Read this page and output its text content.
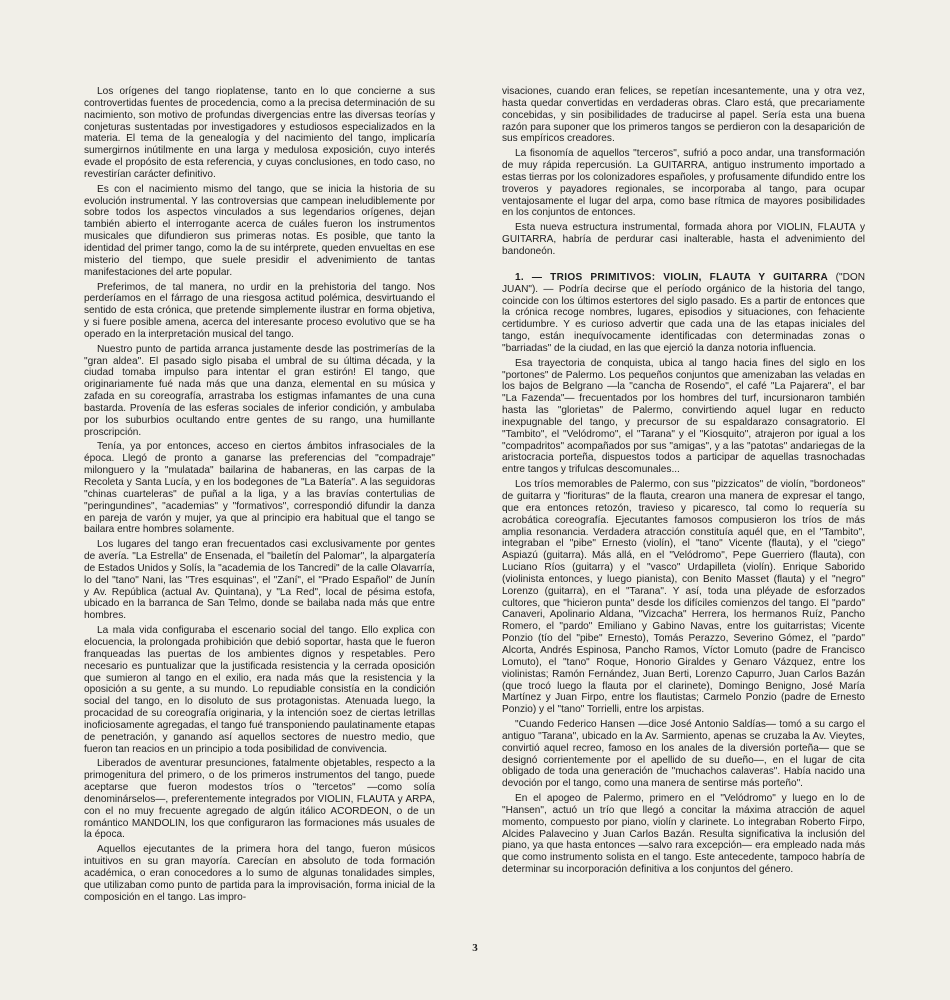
Los orígenes del tango rioplatense, tanto en lo que concierne a sus controvertidas fuentes de procedencia, como a la precisa determinación de su nacimiento, son motivo de profundas divergencias entre las diversas teorías y conjeturas sustentadas por investigadores y estudiosos especializados en la materia. El tema de la genealogía y del nacimiento del tango, implicaría sumergirnos inútilmente en una larga y medulosa exposición, cuyo interés evade el propósito de esta referencia, y cuyas conclusiones, en todo caso, no revestirían carácter definitivo.

Es con el nacimiento mismo del tango, que se inicia la historia de su evolución instrumental. Y las controversias que campean ineludiblemente por sobre todos los aspectos vinculados a sus legendarios orígenes, dejan también abierto el interrogante acerca de cuáles fueron los instrumentos musicales que difundieron sus primeras notas. Es posible, que tanto la identidad del primer tango, como la de su intérprete, queden envueltas en ese misterio del tiempo, que suele presidir el advenimiento de tantas manifestaciones del arte popular.

Preferimos, de tal manera, no urdir en la prehistoria del tango. Nos perderíamos en el fárrago de una riesgosa actitud polémica, desvirtuando el sentido de esta crónica, que pretende simplemente ilustrar en forma objetiva, y si fuere posible amena, acerca del interesante proceso evolutivo que se ha operado en la interpretación musical del tango.

Nuestro punto de partida arranca justamente desde las postrimerías de la "gran aldea". El pasado siglo pisaba el umbral de su última década, y la ciudad tomaba impulso para intentar el gran estirón! El tango, que originariamente fué nada más que una danza, elemental en su música y zafada en su coreografía, arrastraba los estigmas infamantes de una cuna bastarda. Provenía de las esferas sociales de inferior condición, y ambulaba por los suburbios ocultando entre gentes de su rango, una humillante proscripción.

Tenía, ya por entonces, acceso en ciertos ámbitos infrasociales de la época. Llegó de pronto a ganarse las preferencias del "compadraje" milonguero y la "mulatada" bailarina de habaneras, en las carpas de la Recoleta y Santa Lucía, y en los bodegones de "La Batería". A las seguidoras "chinas cuarteleras" de puñal a la liga, y a las bravías contertulias de "peringundines", "academias" y "formativos", correspondió difundir la danza en pareja de varón y mujer, ya que al principio era habitual que el tango se bailara entre hombres solamente.

Los lugares del tango eran frecuentados casi exclusivamente por gentes de avería. "La Estrella" de Ensenada, el "bailetín del Palomar", la alpargatería de Estados Unidos y Solís, la "academia de los Tancredi" de la calle Olavarría, lo del "tano" Nani, las "Tres esquinas", el "Zaní", el "Prado Español" de Junín y Av. República (actual Av. Quintana), y "La Red", local de pésima estofa, ubicado en la barranca de San Telmo, donde se bailaba nada más que entre hombres.

La mala vida configuraba el escenario social del tango. Ello explica con elocuencia, la prolongada prohibición que debió soportar, hasta que le fueron franqueadas las puertas de los ambientes dignos y respetables. Pero necesario es puntualizar que la justificada resistencia y la cerrada oposición que sumieron al tango en el exilio, era nada más que la resistencia y la oposición a su gente, a su mundo. Lo repudiable consistía en la condición social del tango, en lo disoluto de sus protagonistas. Atenuada luego, la procacidad de su coreografía originaria, y la intención soez de ciertas letrillas inoficiosamente agregadas, el tango fué transponiendo paulatinamente etapas de penetración, y ganando así aquellos sectores de nuestro medio, que fueron tan reacios en un principio a toda posibilidad de convivencia.

Liberados de aventurar presunciones, fatalmente objetables, respecto a la primogenitura del primero, o de los primeros instrumentos del tango, puede aceptarse que fueron modestos tríos o "tercetos" —como solía denominárselos—, preferentemente integrados por VIOLIN, FLAUTA y ARPA, con el no muy frecuente agregado de algún itálico ACORDEON, o de un romántico MANDOLIN, los que configuraron las formaciones más usuales de la época.

Aquellos ejecutantes de la primera hora del tango, fueron músicos intuitivos en su gran mayoría. Carecían en absoluto de toda formación académica, o eran conocedores a lo sumo de algunas tonalidades simples, que utilizaban como punto de partida para la improvisación, forma inicial de la composición en el tango. Las impro-

visaciones, cuando eran felices, se repetían incesantemente, una y otra vez, hasta quedar convertidas en verdaderas obras. Claro está, que precariamente concebidas, y sin posibilidades de traducirse al papel. Sería esta una buena razón para suponer que los primeros tangos se perdieron con la desaparición de sus empíricos creadores.

La fisonomía de aquellos "terceros", sufrió a poco andar, una transformación de muy rápida repercusión. La GUITARRA, antiguo instrumento importado a estas tierras por los colonizadores españoles, y profusamente difundido entre los troveros y payadores regionales, se incorporaba al tango, para ocupar ventajosamente el lugar del arpa, como base rítmica de mayores posibilidades en los conjuntos de entonces.

Esta nueva estructura instrumental, formada ahora por VIOLIN, FLAUTA y GUITARRA, habría de perdurar casi inalterable, hasta el advenimiento del bandoneón.

1. — TRIOS PRIMITIVOS: VIOLIN, FLAUTA Y GUITARRA ("DON JUAN"). — Podría decirse que el período orgánico de la historia del tango, coincide con los últimos estertores del siglo pasado. Es a partir de entonces que la crónica recoge nombres, lugares, episodios y situaciones, con fehaciente certidumbre. Y es curioso advertir que cada una de las etapas iniciales del tango, están inequívocamente identificadas con determinadas zonas o "barriadas" de la ciudad, en las que ejerció la danza notoria influencia.

Esa trayectoria de conquista, ubica al tango hacia fines del siglo en los "portones" de Palermo. Los pequeños conjuntos que amenizaban las veladas en los bajos de Belgrano —la "cancha de Rosendo", el café "La Pajarera", el bar "La Fazenda"— frecuentados por los hombres del turf, incursionaron también hasta las "glorietas" de Palermo, convirtiendo aquel lugar en reducto inexpugnable del tango, y precursor de su espaldarazo consagratorio. El "Tambito", el "Velódromo", el "Tarana" y el "Kiosquito", atrajeron por igual a los "compadritos" acompañados por sus "amigas", y a las "patotas" andariegas de la aristocracia porteña, dispuestos todos a participar de aquellas trasnochadas entre tangos y trifulcas descomunales...

Los tríos memorables de Palermo, con sus "pizzicatos" de violín, "bordoneos" de guitarra y "fiorituras" de la flauta, crearon una manera de expresar el tango, que era entonces retozón, travieso y picaresco, tal como lo requería su acrobática coreografía. Ejecutantes famosos compusieron los tríos de más amplia resonancia. Verdadera atracción constituía aquél que, en el "Tambito", integraban el "pibe" Ernesto (violín), el "tano" Vicente (flauta), y el "ciego" Aspiazú (guitarra). Más allá, en el "Velódromo", Pepe Guerriero (flauta), con Luciano Ríos (guitarra) y el "vasco" Urdapilleta (violín). Enrique Saborido (violinista entonces, y luego pianista), con Benito Masset (flauta) y el "negro" Lorenzo (guitarra), en el "Tarana". Y así, toda una pléyade de esforzados cultores, que "hicieron punta" desde los difíciles comienzos del tango. El "pardo" Canaveri, Apolinario Aldana, "Vizcacha" Herrera, los hermanos Ruíz, Pancho Romero, el "pardo" Emiliano y Gabino Navas, entre los guitarristas; Vicente Ponzio (tío del "pibe" Ernesto), Tomás Perazzo, Severino Gómez, el "pardo" Alcorta, Andrés Espinosa, Pancho Ramos, Víctor Lomuto (padre de Francisco Lomuto), el "tano" Roque, Honorio Giraldes y Genaro Vázquez, entre los violinistas; Ramón Fernández, Juan Berti, Lorenzo Capurro, Juan Carlos Bazán (que trocó luego la flauta por el clarinete), Domingo Benigno, José María Martínez y Juan Firpo, entre los flautistas; Carmelo Ponzio (padre de Ernesto Ponzio) y el "tano" Torrielli, entre los arpistas.

"Cuando Federico Hansen —dice José Antonio Saldías— tomó a su cargo el antiguo "Tarana", ubicado en la Av. Sarmiento, apenas se cruzaba la Av. Vieytes, convirtió aquel recreo, famoso en los anales de la diversión porteña— que se designó corrientemente por el apellido de su dueño—, en el lugar de cita obligado de toda una generación de "muchachos calaveras". Había nacido una devoción por el tango, como una manera de sentirse más porteño".

En el apogeo de Palermo, primero en el "Velódromo" y luego en lo de "Hansen", actuó un trío que llegó a concitar la máxima atracción de aquel momento, compuesto por piano, violín y clarinete. Lo integraban Roberto Firpo, Alcides Palavecino y Juan Carlos Bazán. Resulta significativa la inclusión del piano, ya que hasta entonces —salvo rara excepción— era empleado nada más que como instrumento solista en el tango. Este antecedente, tampoco habría de determinar su incorporación definitiva a los conjuntos del género.

3
